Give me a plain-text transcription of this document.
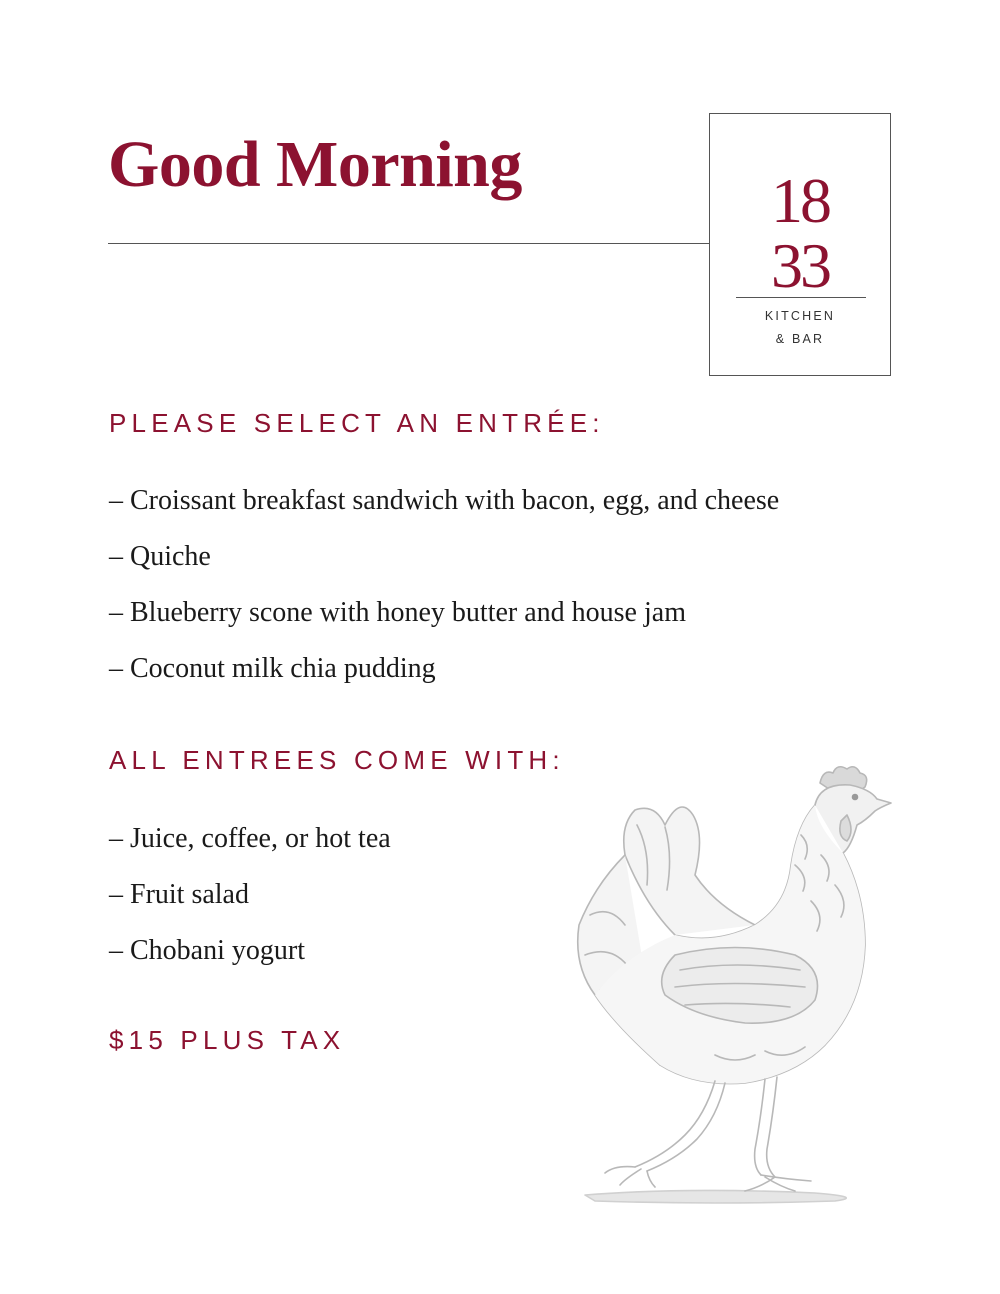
Good Morning	18
33
KITCHEN
& BAR
PLEASE SELECT AN ENTRÉE:
– Croissant breakfast sandwich with bacon, egg, and cheese
– Quiche
– Blueberry scone with honey butter and house jam
– Coconut milk chia pudding
ALL ENTREES COME WITH:
– Juice, coffee, or hot tea
– Fruit salad
– Chobani yogurt
$15 PLUS TAX
